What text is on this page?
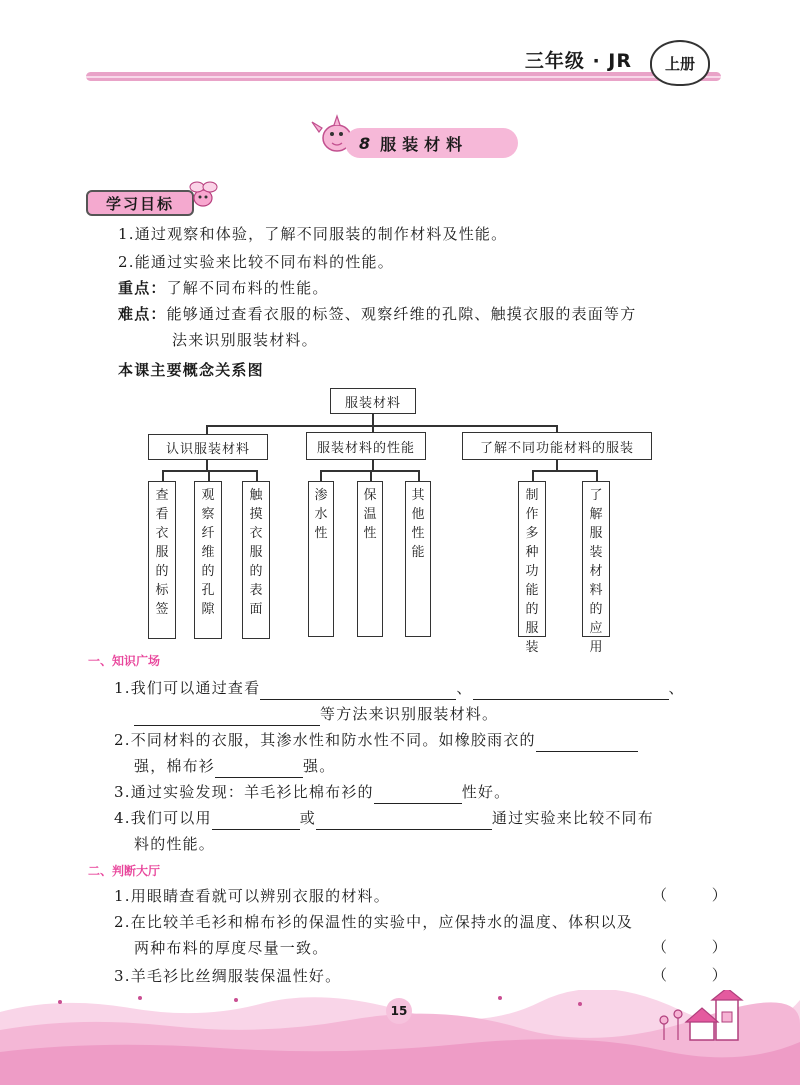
三年级 · JR	上册
8 服装材料
学习目标
1.通过观察和体验，了解不同服装的制作材料及性能。
2.能通过实验来比较不同布料的性能。
重点：了解不同布料的性能。
难点：能够通过查看衣服的标签、观察纤维的孔隙、触摸衣服的表面等方
法来识别服装材料。
本课主要概念关系图
服装材料
认识服装材料	服装材料的性能	了解不同功能材料的服装
查看衣服的标签
观察纤维的孔隙
触摸衣服的表面
渗水性
保温性
其他性能
制作多种功能的服装
了解服装材料的应用
一、知识广场
1.我们可以通过查看	、	、
等方法来识别服装材料。
2.不同材料的衣服，其渗水性和防水性不同。如橡胶雨衣的
强，棉布衫	强。
3.通过实验发现：羊毛衫比棉布衫的	性好。
4.我们可以用	或	通过实验来比较不同布
料的性能。
二、判断大厅
1.用眼睛查看就可以辨别衣服的材料。	（ ）
2.在比较羊毛衫和棉布衫的保温性的实验中，应保持水的温度、体积以及
两种布料的厚度尽量一致。	（ ）
3.羊毛衫比丝绸服装保温性好。	（ ）
15
